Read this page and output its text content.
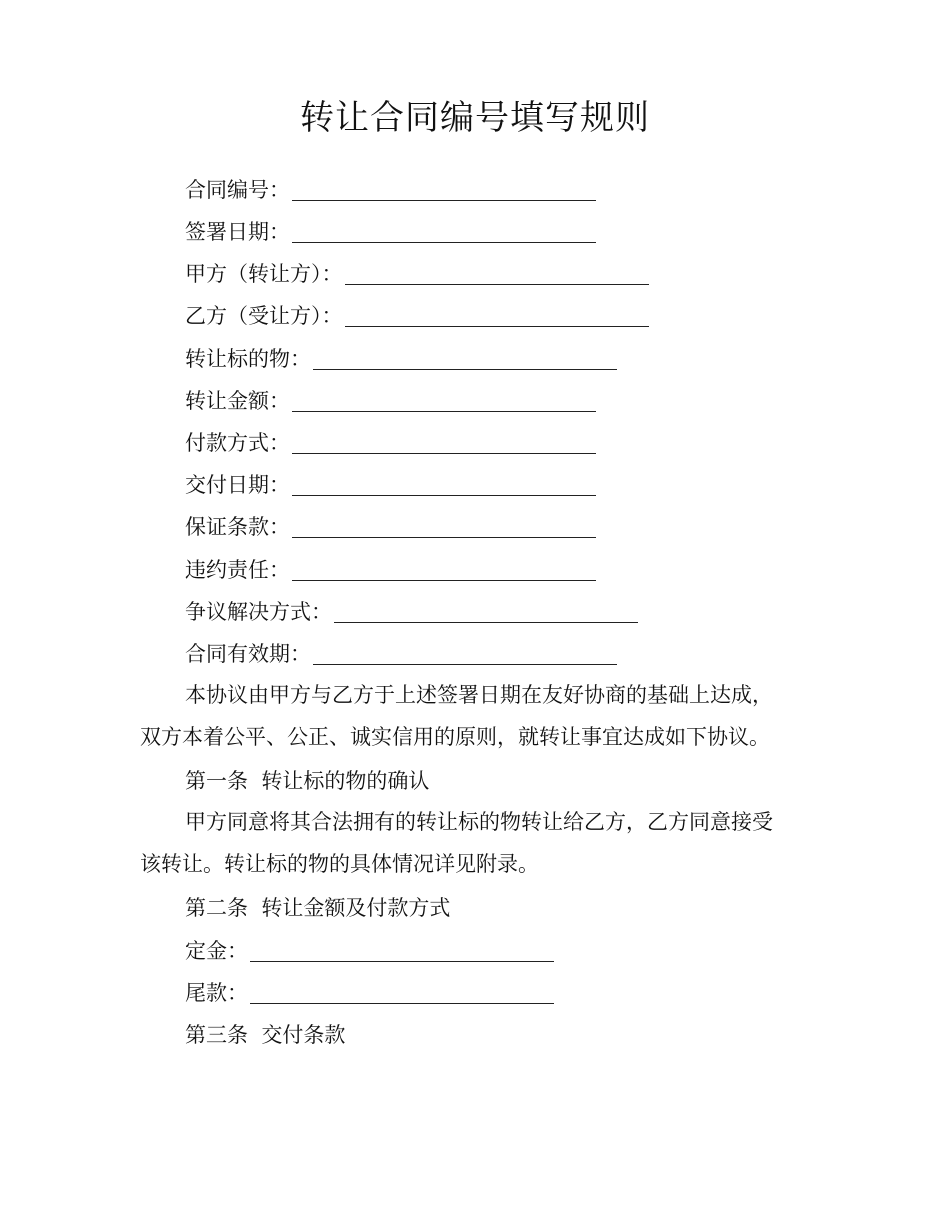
转让合同编号填写规则
合同编号：
签署日期：
甲方（转让方）：
乙方（受让方）：
转让标的物：
转让金额：
付款方式：
交付日期：
保证条款：
违约责任：
争议解决方式：
合同有效期：
本协议由甲方与乙方于上述签署日期在友好协商的基础上达成，
双方本着公平、公正、诚实信用的原则，就转让事宜达成如下协议。
第一条  转让标的物的确认
甲方同意将其合法拥有的转让标的物转让给乙方，乙方同意接受
该转让。转让标的物的具体情况详见附录。
第二条  转让金额及付款方式
定金：
尾款：
第三条  交付条款
